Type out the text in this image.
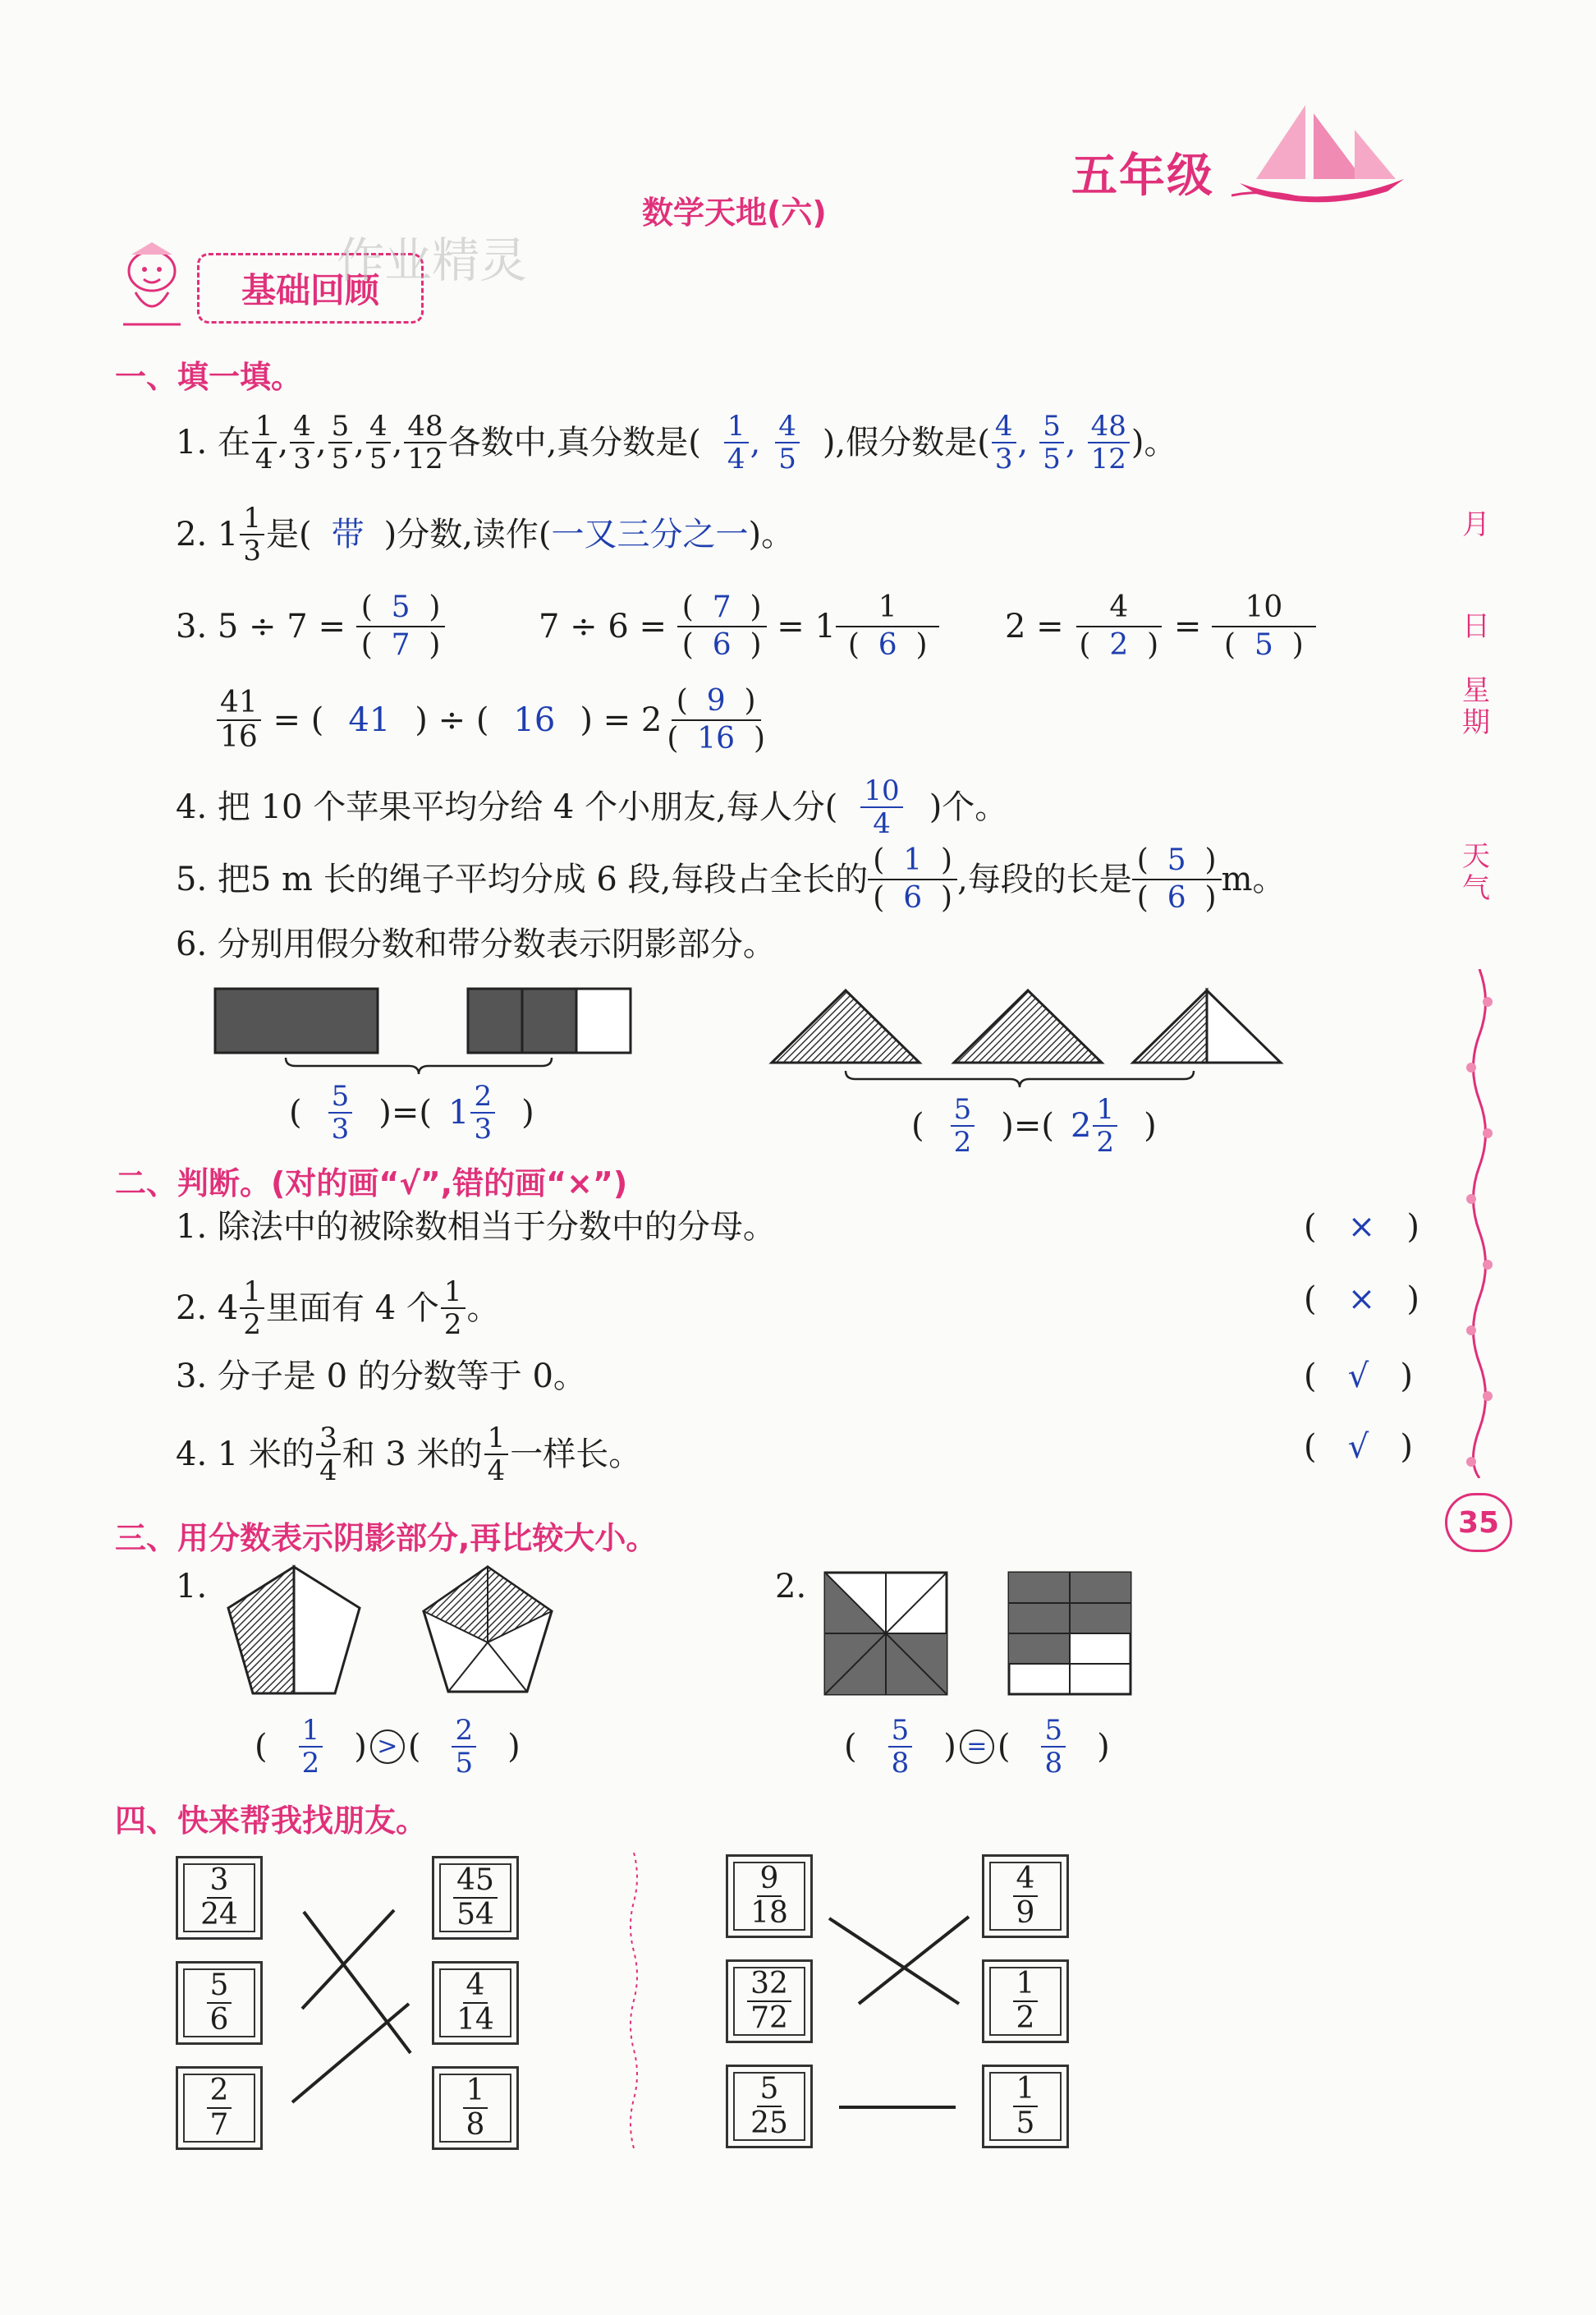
五年级
数学天地(六)
基础回顾
作业精灵
月
日
星期
天气
35
一、填一填。
1.
在 $\frac{1}{4}$ , $\frac{4}{3}$ , $\frac{5}{5}$ , $\frac{4}{5}$ , $\frac{48}{12}$ 各数中,真分数是( $\frac{1}{4}$ , $\frac{4}{5}$ ),假分数是( $\frac{4}{3}$ , $\frac{5}{5}$ , $\frac{48}{12}$ ) 。
2.
$1 \frac{1}{3}$ 是( 带 )分数,读作( 一又三分之一 )。
3.
5 ÷ 7 =
$\frac{( 5 )}{( 7 )}$	7 ÷ 6 =
$\frac{( 7 )}{( 6 )}$
= 1
1
(  6  ) 2 =
$\frac{4}{( 2 )}$
=
$\frac{10}{( 5 )}$
$\frac{41}{16}$
= ( 41 ) ÷ ( 16 ) = 2
(  9  )
(  16  )
4.
把 10 个苹果平均分给 4 个小朋友,每人分( $\frac{10}{4}$ )个。
5.
把5 m 长的绳子平均分成 6 段,每段占全长的
(  1  )
(  6  ) ,每段的长是
(  5  )
(  6  ) m。
6. 分别用假分数和带分数表示阴影部分。
( $\frac{5}{3}$ )=( $1 \frac{2}{3}$ )	( $\frac{5}{2}$ )=( $2 \frac{1}{2}$ )
二、判断。(对的画“√”,错的画“×”)
1. 除法中的被除数相当于分数中的分母。	(   ×   )
2.
$4 \frac{1}{2}$ 里面有 4 个 $\frac{1}{2}$ 。	(   ×   )
3. 分子是 0 的分数等于 0。	(   √   )
4.
1 米的 $\frac{3}{4}$ 和 3 米的 $\frac{1}{4}$ 一样长。	(   √   )
三、用分数表示阴影部分,再比较大小。
1.
( $\frac{1}{2}$ ) > ( $\frac{2}{5}$ )
2.
( $\frac{5}{8}$ ) = ( $\frac{5}{8}$ )
四、快来帮我找朋友。
$\frac{3}{24}$
$\frac{5}{6}$
$\frac{2}{7}$
$\frac{45}{54}$
$\frac{4}{14}$
$\frac{1}{8}$
$\frac{9}{18}$
$\frac{32}{72}$
$\frac{5}{25}$
$\frac{4}{9}$
$\frac{1}{2}$
$\frac{1}{5}$
